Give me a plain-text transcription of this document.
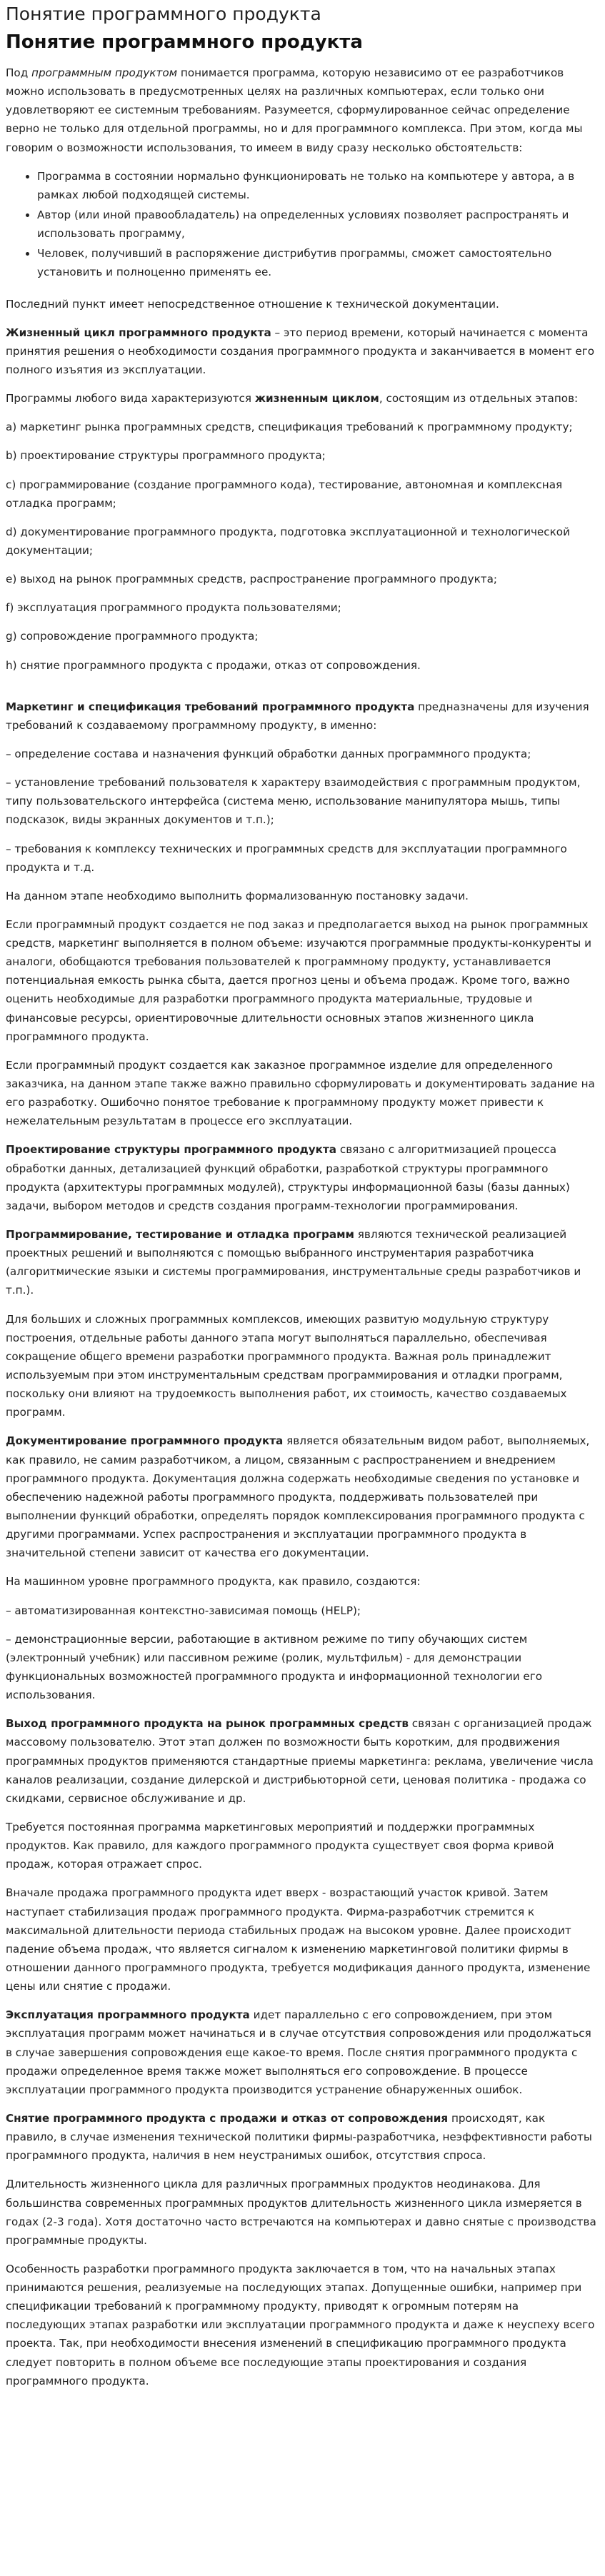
Понятие программного продукта
Понятие программного продукта

Под программным продуктом понимается программа, которую независимо от ее разработчиков можно использовать в предусмотренных целях на различных компьютерах, если только они удовлетворяют ее системным требованиям. Разумеется, сформулированное сейчас определение верно не только для отдельной программы, но и для программного комплекса. При этом, когда мы говорим о возможности использования, то имеем в виду сразу несколько обстоятельств:

• Программа в состоянии нормально функционировать не только на компьютере у автора, а в рамках любой подходящей системы.
• Автор (или иной правообладатель) на определенных условиях позволяет распространять и использовать программу,
• Человек, получивший в распоряжение дистрибутив программы, сможет самостоятельно установить и полноценно применять ее.

Последний пункт имеет непосредственное отношение к технической документации.

Жизненный цикл программного продукта – это период времени, который начинается с момента принятия решения о необходимости создания программного продукта и заканчивается в момент его полного изъятия из эксплуатации.

Программы любого вида характеризуются жизненным циклом, состоящим из отдельных этапов:

а) маркетинг рынка программных средств, спецификация требований к программному продукту;

b) проектирование структуры программного продукта;

c) программирование (создание программного кода), тестирование, автономная и комплексная отладка программ;

d) документирование программного продукта, подготовка эксплуатационной и технологической документации;

e) выход на рынок программных средств, распространение программного продукта;

f) эксплуатация программного продукта пользователями;

g) сопровождение программного продукта;

h) снятие программного продукта с продажи, отказ от сопровождения.

Маркетинг и спецификация требований программного продукта предназначены для изучения требований к создаваемому программному продукту, в именно:

– определение состава и назначения функций обработки данных программного продукта;

– установление требований пользователя к характеру взаимодействия с программным продуктом, типу пользовательского интерфейса (система меню, использование манипулятора мышь, типы подсказок, виды экранных документов и т.п.);

– требования к комплексу технических и программных средств для эксплуатации программного продукта и т.д.

На данном этапе необходимо выполнить формализованную постановку задачи.

Если программный продукт создается не под заказ и предполагается выход на рынок программных средств, маркетинг выполняется в полном объеме: изучаются программные продукты-конкуренты и аналоги, обобщаются требования пользователей к программному продукту, устанавливается потенциальная емкость рынка сбыта, дается прогноз цены и объема продаж. Кроме того, важно оценить необходимые для разработки программного продукта материальные, трудовые и финансовые ресурсы, ориентировочные длительности основных этапов жизненного цикла программного продукта.

Если программный продукт создается как заказное программное изделие для определенного заказчика, на данном этапе также важно правильно сформулировать и документировать задание на его разработку. Ошибочно понятое требование к программному продукту может привести к нежелательным результатам в процессе его эксплуатации.

Проектирование структуры программного продукта связано с алгоритмизацией процесса обработки данных, детализацией функций обработки, разработкой структуры программного продукта (архитектуры программных модулей), структуры информационной базы (базы данных) задачи, выбором методов и средств создания программ-технологии программирования.

Программирование, тестирование и отладка программ являются технической реализацией проектных решений и выполняются с помощью выбранного инструментария разработчика (алгоритмические языки и системы программирования, инструментальные среды разработчиков и т.п.).

Для больших и сложных программных комплексов, имеющих развитую модульную структуру построения, отдельные работы данного этапа могут выполняться параллельно, обеспечивая сокращение общего времени разработки программного продукта. Важная роль принадлежит используемым при этом инструментальным средствам программирования и отладки программ, поскольку они влияют на трудоемкость выполнения работ, их стоимость, качество создаваемых программ.

Документирование программного продукта является обязательным видом работ, выполняемых, как правило, не самим разработчиком, а лицом, связанным с распространением и внедрением программного продукта. Документация должна содержать необходимые сведения по установке и обеспечению надежной работы программного продукта, поддерживать пользователей при выполнении функций обработки, определять порядок комплексирования программного продукта с другими программами. Успех распространения и эксплуатации программного продукта в значительной степени зависит от качества его документации.

На машинном уровне программного продукта, как правило, создаются:

– автоматизированная контекстно-зависимая помощь (HELP);

– демонстрационные версии, работающие в активном режиме по типу обучающих систем (электронный учебник) или пассивном режиме (ролик, мультфильм) - для демонстрации функциональных возможностей программного продукта и информационной технологии его использования.

Выход программного продукта на рынок программных средств связан с организацией продаж массовому пользователю. Этот этап должен по возможности быть коротким, для продвижения программных продуктов применяются стандартные приемы маркетинга: реклама, увеличение числа каналов реализации, создание дилерской и дистрибьюторной сети, ценовая политика - продажа со скидками, сервисное обслуживание и др.

Требуется постоянная программа маркетинговых мероприятий и поддержки программных продуктов. Как правило, для каждого программного продукта существует своя форма кривой продаж, которая отражает спрос.

Вначале продажа программного продукта идет вверх - возрастающий участок кривой. Затем наступает стабилизация продаж программного продукта. Фирма-разработчик стремится к максимальной длительности периода стабильных продаж на высоком уровне. Далее происходит падение объема продаж, что является сигналом к изменению маркетинговой политики фирмы в отношении данного программного продукта, требуется модификация данного продукта, изменение цены или снятие с продажи.

Эксплуатация программного продукта идет параллельно с его сопровождением, при этом эксплуатация программ может начинаться и в случае отсутствия сопровождения или продолжаться в случае завершения сопровождения еще какое-то время. После снятия программного продукта с продажи определенное время также может выполняться его сопровождение. В процессе эксплуатации программного продукта производится устранение обнаруженных ошибок.

Снятие программного продукта с продажи и отказ от сопровождения происходят, как правило, в случае изменения технической политики фирмы-разработчика, неэффективности работы программного продукта, наличия в нем неустранимых ошибок, отсутствия спроса.

Длительность жизненного цикла для различных программных продуктов неодинакова. Для большинства современных программных продуктов длительность жизненного цикла измеряется в годах (2-3 года). Хотя достаточно часто встречаются на компьютерах и давно снятые с производства программные продукты.

Особенность разработки программного продукта заключается в том, что на начальных этапах принимаются решения, реализуемые на последующих этапах. Допущенные ошибки, например при спецификации требований к программному продукту, приводят к огромным потерям на последующих этапах разработки или эксплуатации программного продукта и даже к неуспеху всего проекта. Так, при необходимости внесения изменений в спецификацию программного продукта следует повторить в полном объеме все последующие этапы проектирования и создания программного продукта.
